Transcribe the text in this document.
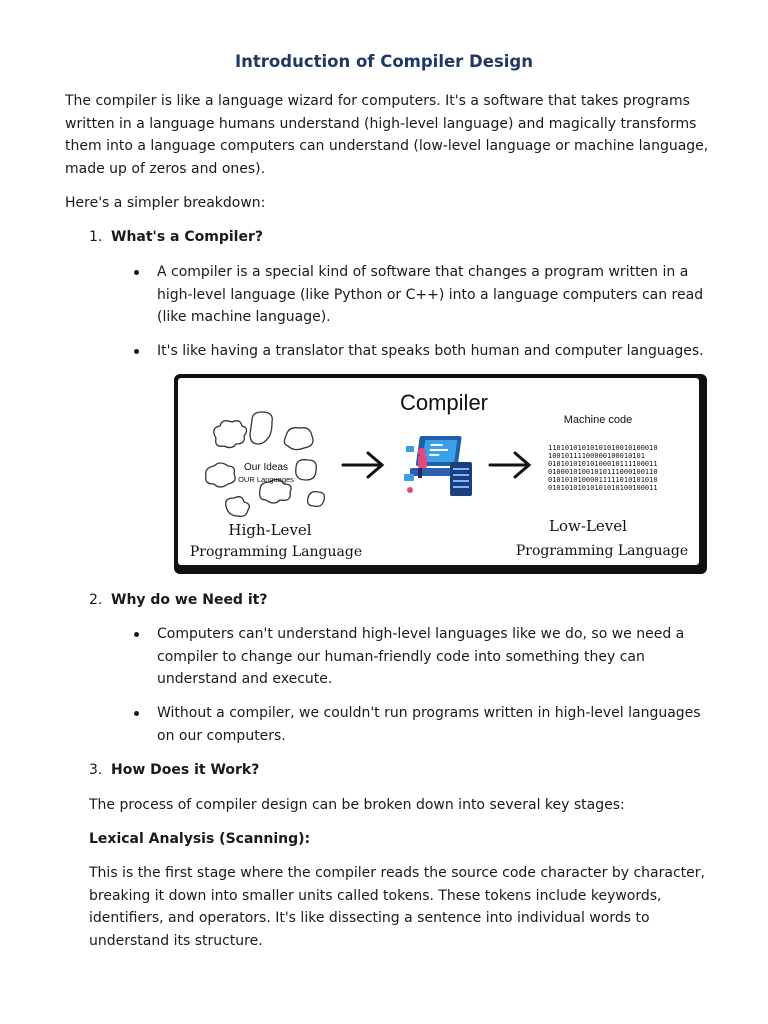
Introduction of Compiler Design

The compiler is like a language wizard for computers. It's a software that takes programs written in a language humans understand (high-level language) and magically transforms them into a language computers can understand (low-level language or machine language, made up of zeros and ones).

Here's a simpler breakdown:

1. What's a Compiler?

A compiler is a special kind of software that changes a program written in a high-level language (like Python or C++) into a language computers can read (like machine language).

It's like having a translator that speaks both human and computer languages.

Compiler
Our Ideas
OUR Languages
Machine code
11010101010101010010100010
10010111100000100010101
01010101010100010111100011
01000101001010111000100110
01010101000011111010101010
01010101010101010100100011
High-Level
Programming Language
Low-Level
Programming Language
2. Why do we Need it?

Computers can't understand high-level languages like we do, so we need a compiler to change our human-friendly code into something they can understand and execute.

Without a compiler, we couldn't run programs written in high-level languages on our computers.

3. How Does it Work?

The process of compiler design can be broken down into several key stages:

Lexical Analysis (Scanning):

This is the first stage where the compiler reads the source code character by character, breaking it down into smaller units called tokens. These tokens include keywords, identifiers, and operators. It's like dissecting a sentence into individual words to understand its structure.
